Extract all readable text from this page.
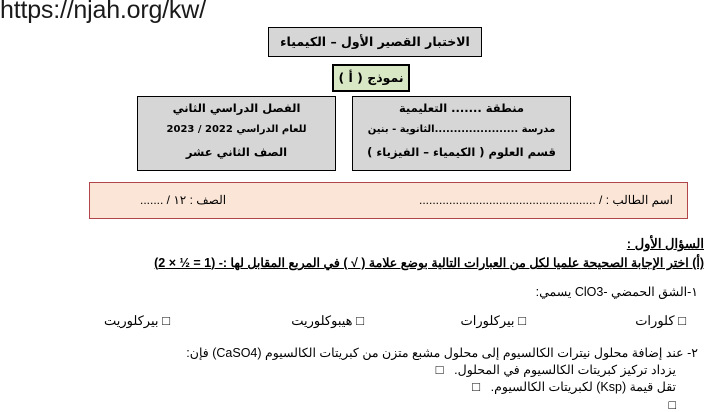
https://njah.org/kw/
الاختبار القصير الأول – الكيمياء
نموذج ( أ )
الفصل الدراسي الثاني
للعام الدراسي 2022 / 2023
الصف الثاني عشر
منطقة ....... التعليمية
مدرسة ......................الثانوية - بنين
قسم العلوم ( الكيمياء – الفيزياء )
اسم الطالب : / .....................................................
الصف : ١٢ / .......
السؤال الأول :
(أ) اختر الإجابة الصحيحة علميا لكل من العبارات التالية بوضع علامة ( √ ) في المربع المقابل لها :- (1 = ½ × 2)
١-الشق الحمضي -ClO3 يسمي:
□ كلورات
□ بيركلورات
□ هيبوكلوريت
□ بيركلوريت
٢- عند إضافة محلول نيترات الكالسيوم إلى محلول مشبع متزن من كبريتات الكالسيوم (CaSO4) فإن:
يزداد تركيز كبريتات الكالسيوم في المحلول.   □
تقل قيمة (Ksp) لكبريتات الكالسيوم.   □
□
